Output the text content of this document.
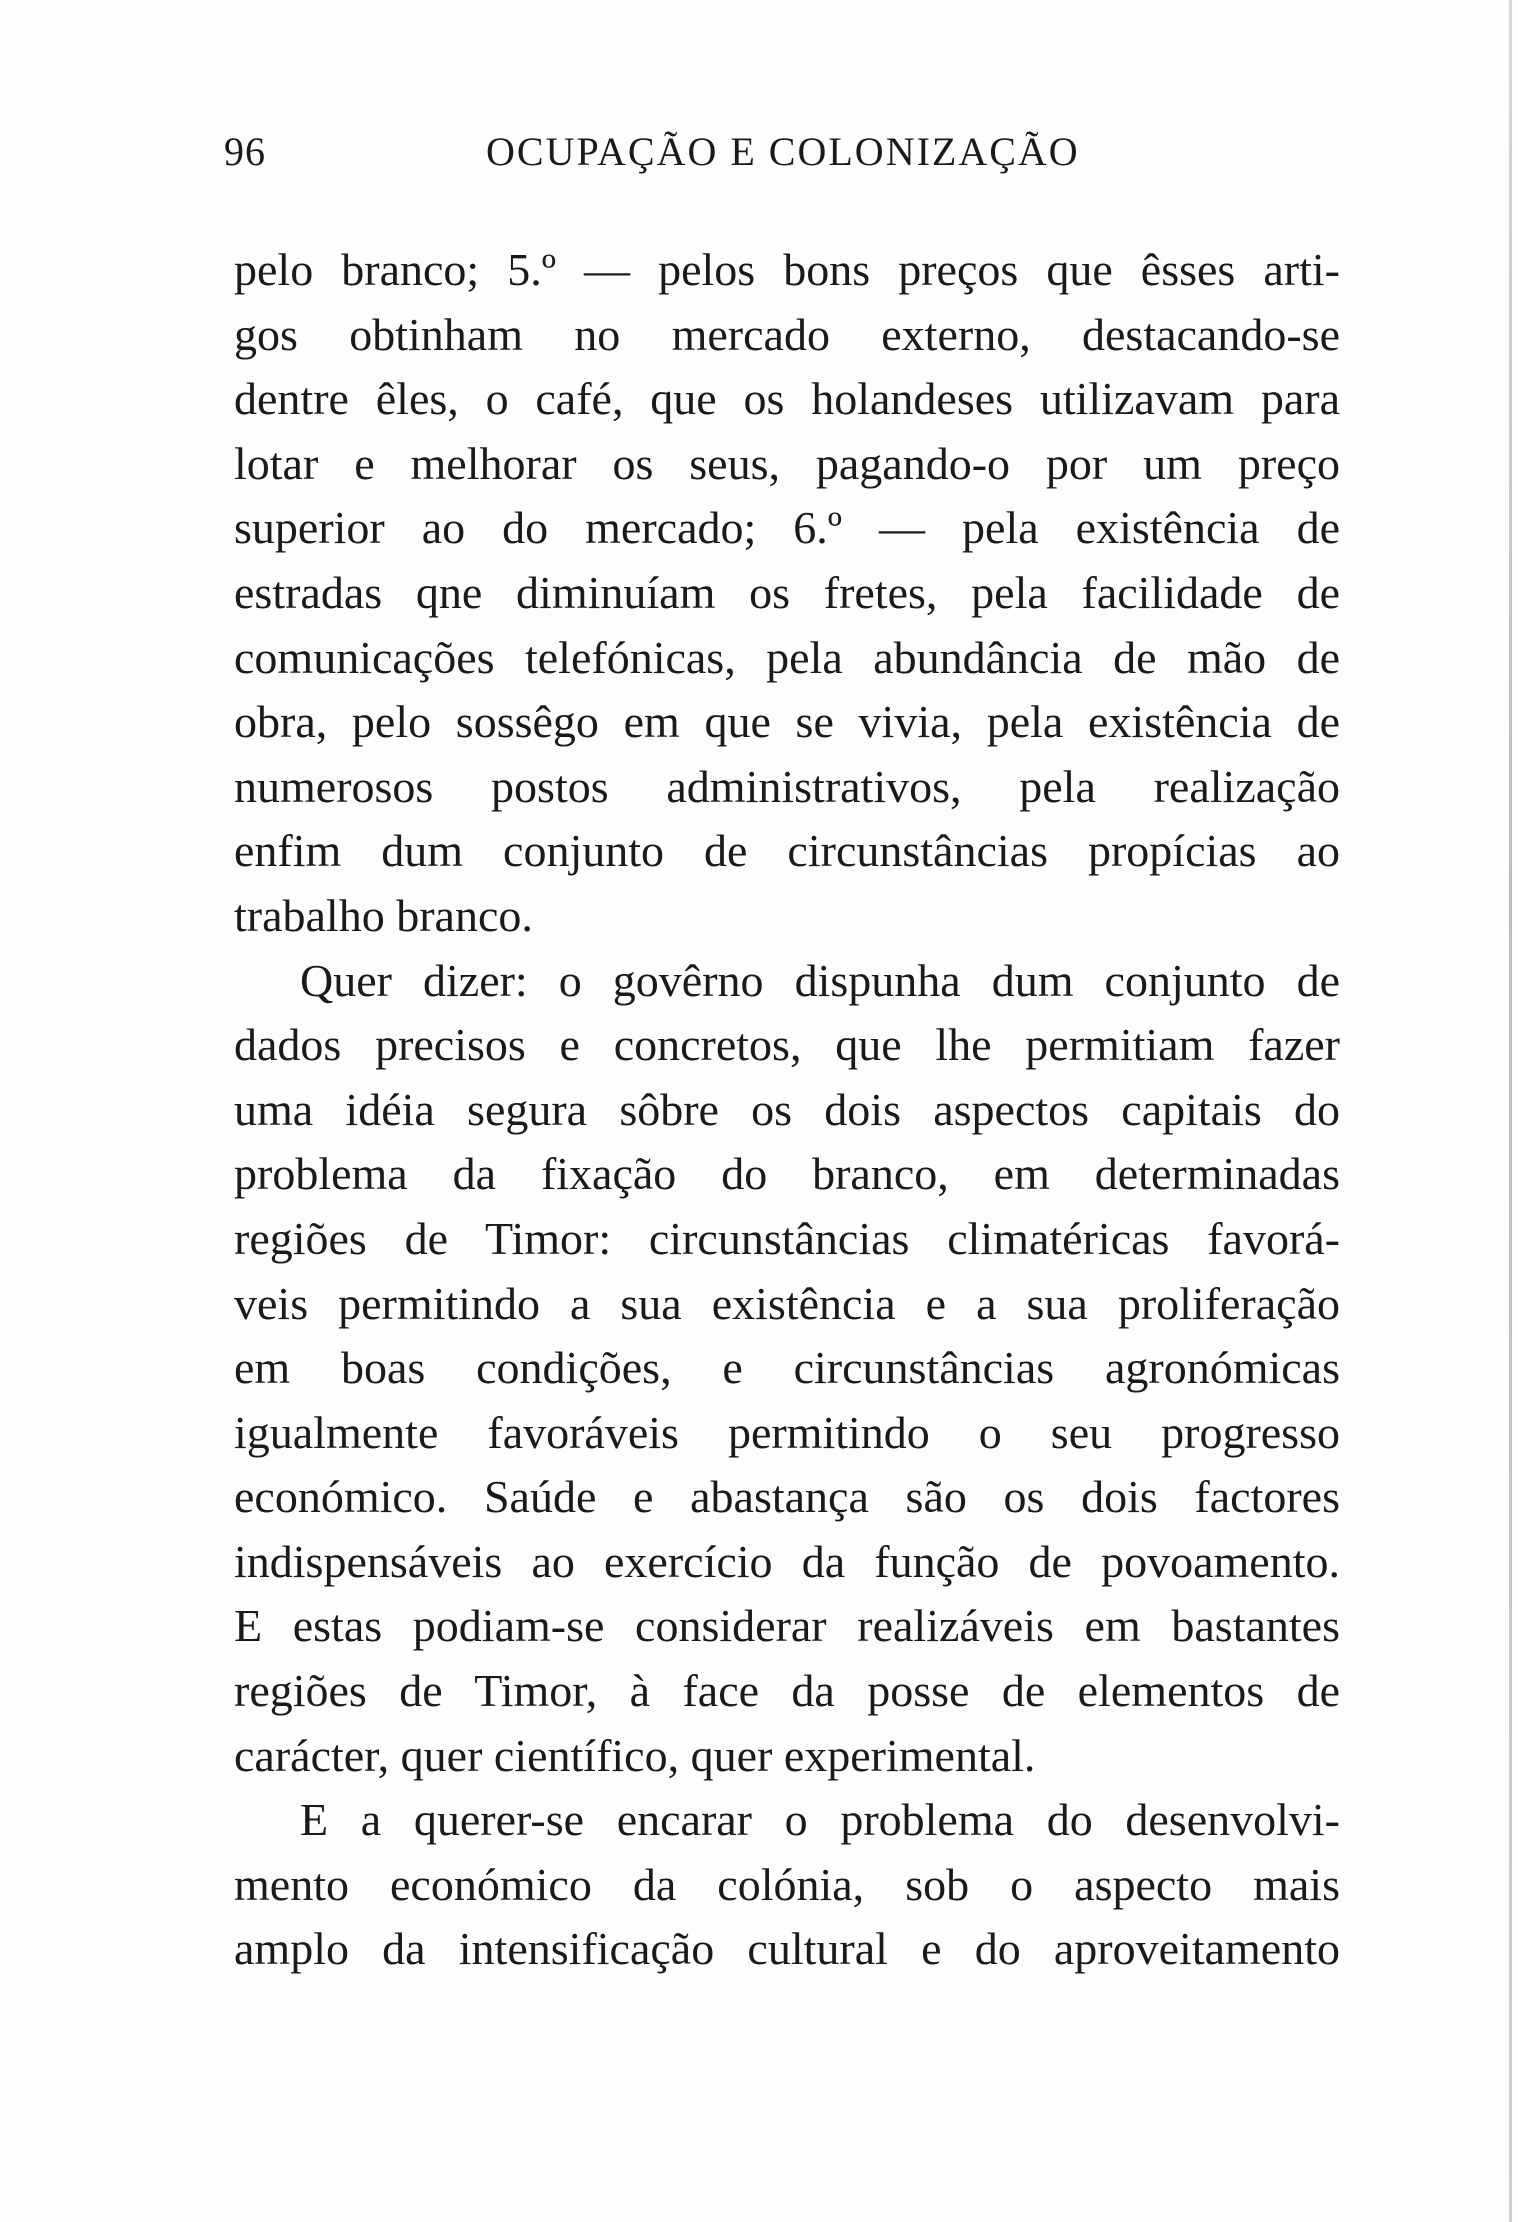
96	OCUPAÇÃO E COLONIZAÇÃO
pelo branco; 5.º — pelos bons preços que êsses arti-
gos obtinham no mercado externo, destacando-se
dentre êles, o café, que os holandeses utilizavam para
lotar e melhorar os seus, pagando-o por um preço
superior ao do mercado; 6.º — pela existência de
estradas qne diminuíam os fretes, pela facilidade de
comunicações telefónicas, pela abundância de mão de
obra, pelo sossêgo em que se vivia, pela existência de
numerosos postos administrativos, pela realização
enfim dum conjunto de circunstâncias propícias ao
trabalho branco.
Quer dizer: o govêrno dispunha dum conjunto de
dados precisos e concretos, que lhe permitiam fazer
uma idéia segura sôbre os dois aspectos capitais do
problema da fixação do branco, em determinadas
regiões de Timor: circunstâncias climatéricas favorá-
veis permitindo a sua existência e a sua proliferação
em boas condições, e circunstâncias agronómicas
igualmente favoráveis permitindo o seu progresso
económico. Saúde e abastança são os dois factores
indispensáveis ao exercício da função de povoamento.
E estas podiam-se considerar realizáveis em bastantes
regiões de Timor, à face da posse de elementos de
carácter, quer científico, quer experimental.
E a querer-se encarar o problema do desenvolvi-
mento económico da colónia, sob o aspecto mais
amplo da intensificação cultural e do aproveitamento
